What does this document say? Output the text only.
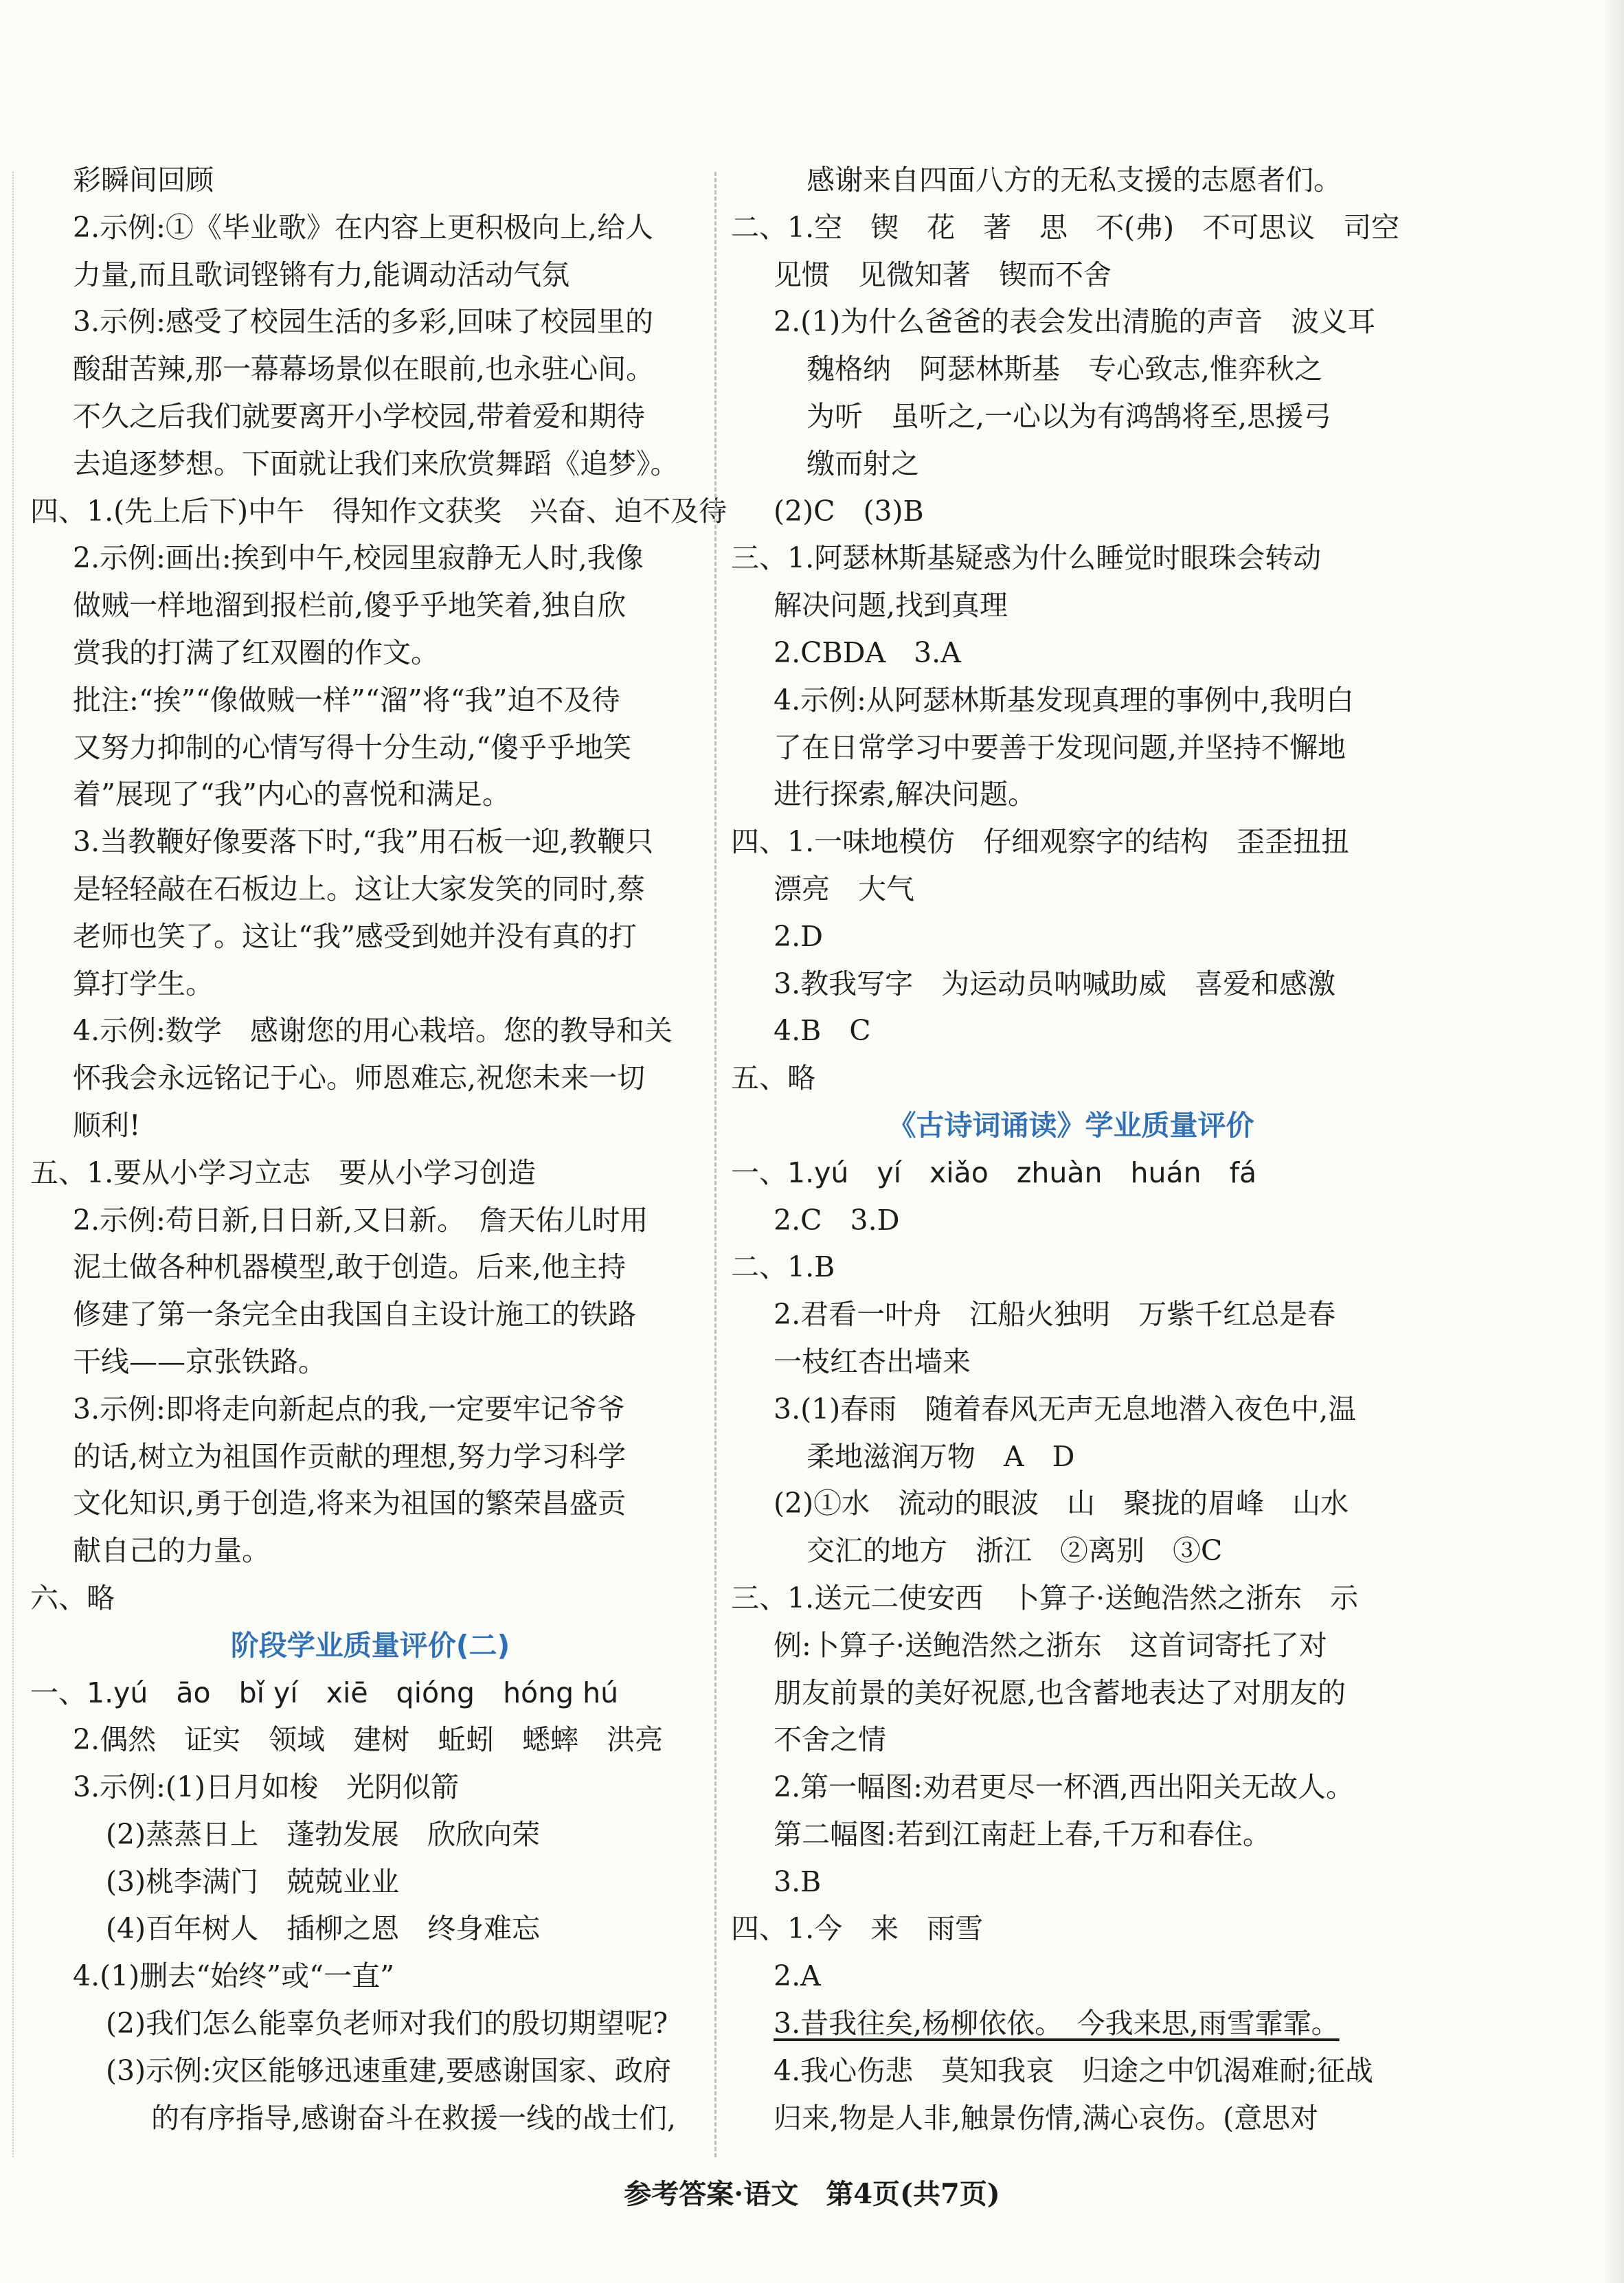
彩瞬间回顾
2.示例:①《毕业歌》在内容上更积极向上,给人
力量,而且歌词铿锵有力,能调动活动气氛
3.示例:感受了校园生活的多彩,回味了校园里的
酸甜苦辣,那一幕幕场景似在眼前,也永驻心间。
不久之后我们就要离开小学校园,带着爱和期待
去追逐梦想。下面就让我们来欣赏舞蹈《追梦》。
四、1.(先上后下)中午　得知作文获奖　兴奋、迫不及待
2.示例:画出:挨到中午,校园里寂静无人时,我像
做贼一样地溜到报栏前,傻乎乎地笑着,独自欣
赏我的打满了红双圈的作文。
批注:“挨”“像做贼一样”“溜”将“我”迫不及待
又努力抑制的心情写得十分生动,“傻乎乎地笑
着”展现了“我”内心的喜悦和满足。
3.当教鞭好像要落下时,“我”用石板一迎,教鞭只
是轻轻敲在石板边上。这让大家发笑的同时,蔡
老师也笑了。这让“我”感受到她并没有真的打
算打学生。
4.示例:数学　感谢您的用心栽培。您的教导和关
怀我会永远铭记于心。师恩难忘,祝您未来一切
顺利!
五、1.要从小学习立志　要从小学习创造
2.示例:苟日新,日日新,又日新。　詹天佑儿时用
泥土做各种机器模型,敢于创造。后来,他主持
修建了第一条完全由我国自主设计施工的铁路
干线——京张铁路。
3.示例:即将走向新起点的我,一定要牢记爷爷
的话,树立为祖国作贡献的理想,努力学习科学
文化知识,勇于创造,将来为祖国的繁荣昌盛贡
献自己的力量。
六、略
阶段学业质量评价(二)
一、1.yú　āo　bǐ yí　xiē　qióng　hóng hú
2.偶然　证实　领域　建树　蚯蚓　蟋蟀　洪亮
3.示例:(1)日月如梭　光阴似箭
(2)蒸蒸日上　蓬勃发展　欣欣向荣
(3)桃李满门　兢兢业业
(4)百年树人　插柳之恩　终身难忘
4.(1)删去“始终”或“一直”
(2)我们怎么能辜负老师对我们的殷切期望呢?
(3)示例:灾区能够迅速重建,要感谢国家、政府
的有序指导,感谢奋斗在救援一线的战士们,
感谢来自四面八方的无私支援的志愿者们。
二、1.空　锲　花　著　思　不(弗)　不可思议　司空
见惯　见微知著　锲而不舍
2.(1)为什么爸爸的表会发出清脆的声音　波义耳
魏格纳　阿瑟林斯基　专心致志,惟弈秋之
为听　虽听之,一心以为有鸿鹄将至,思援弓
缴而射之
(2)C　(3)B
三、1.阿瑟林斯基疑惑为什么睡觉时眼珠会转动
解决问题,找到真理
2.CBDA　3.A
4.示例:从阿瑟林斯基发现真理的事例中,我明白
了在日常学习中要善于发现问题,并坚持不懈地
进行探索,解决问题。
四、1.一味地模仿　仔细观察字的结构　歪歪扭扭
漂亮　大气
2.D
3.教我写字　为运动员呐喊助威　喜爱和感激
4.B　C
五、略
《古诗词诵读》学业质量评价
一、1.yú　yí　xiǎo　zhuàn　huán　fá
2.C　3.D
二、1.B
2.君看一叶舟　江船火独明　万紫千红总是春
一枝红杏出墙来
3.(1)春雨　随着春风无声无息地潜入夜色中,温
柔地滋润万物　A　D
(2)①水　流动的眼波　山　聚拢的眉峰　山水
交汇的地方　浙江　②离别　③C
三、1.送元二使安西　卜算子·送鲍浩然之浙东　示
例:卜算子·送鲍浩然之浙东　这首词寄托了对
朋友前景的美好祝愿,也含蓄地表达了对朋友的
不舍之情
2.第一幅图:劝君更尽一杯酒,西出阳关无故人。
第二幅图:若到江南赶上春,千万和春住。
3.B
四、1.今　来　雨雪
2.A
3.昔我往矣,杨柳依依。　今我来思,雨雪霏霏。
4.我心伤悲　莫知我哀　归途之中饥渴难耐;征战
归来,物是人非,触景伤情,满心哀伤。(意思对
参考答案·语文　第4页(共7页)
